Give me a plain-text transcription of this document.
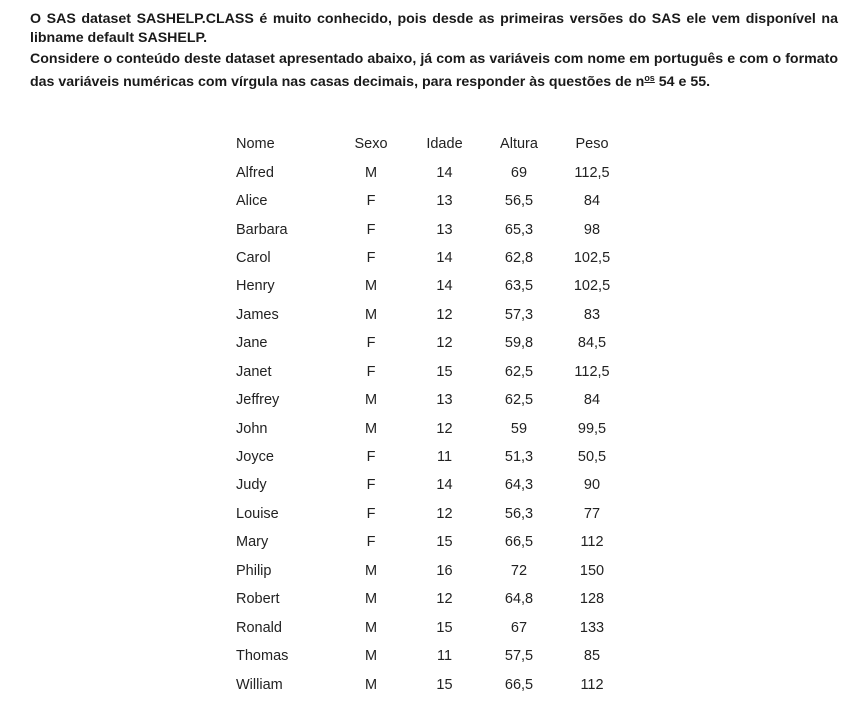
O SAS dataset SASHELP.CLASS é muito conhecido, pois desde as primeiras versões do SAS ele vem disponível na libname default SASHELP.

Considere o conteúdo deste dataset apresentado abaixo, já com as variáveis com nome em português e com o formato das variáveis numéricas com vírgula nas casas decimais, para responder às questões de $n^{os}$ 54 e 55.

Nome	Sexo	Idade	Altura	Peso
Alfred	M	14	69	112,5
Alice	F	13	56,5	84
Barbara	F	13	65,3	98
Carol	F	14	62,8	102,5
Henry	M	14	63,5	102,5
James	M	12	57,3	83
Jane	F	12	59,8	84,5
Janet	F	15	62,5	112,5
Jeffrey	M	13	62,5	84
John	M	12	59	99,5
Joyce	F	11	51,3	50,5
Judy	F	14	64,3	90
Louise	F	12	56,3	77
Mary	F	15	66,5	112
Philip	M	16	72	150
Robert	M	12	64,8	128
Ronald	M	15	67	133
Thomas	M	11	57,5	85
William	M	15	66,5	112
